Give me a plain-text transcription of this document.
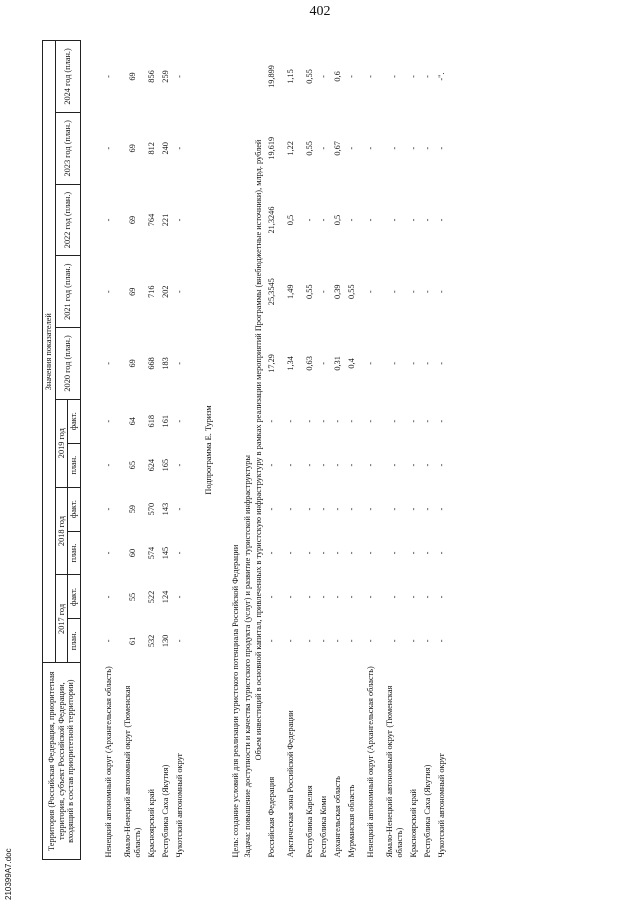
402
Территория (Российская Федерация, приоритетная территория, субъект Российской Федерации, входящий в состав приоритетной территории)	Значения показателей										
	2017 год		2018 год		2019 год		2020 год (план.)	2021 год (план.)	2022 год (план.)	2023 год (план.)	2024 год (план.)
	план.	факт.	план.	факт.	план.	факт.					

Ненецкий автономный округ (Архангельская область)	-	-	-	-	-	-	-	-	-	-	-
Ямало-Ненецкий автономный округ (Тюменская область)	61	55	60	59	65	64	69	69	69	69	69
Красноярский край	532	522	574	570	624	618	668	716	764	812	856
Республика Саха (Якутия)	130	124	145	143	165	161	183	202	221	240	259
Чукотский автономный округ	-	-	-	-	-	-	-	-	-	-	-

Подпрограмма Е. Туризм											

Цель: создание условий для реализации туристского потенциала Российской Федерации											
Задача: повышение доступности и качества туристского продукта (услуг) и развитие туристской инфраструктуры											
Объем инвестиций в основной капитал, привлеченных в туристскую инфраструктуру в рамках реализации мероприятий Программы (внебюджетные источники), млрд. рублей											
Российская Федерация	-	-	-	-	-	-	17,29	25,3545	21,3246	19,619	19,899
Арктическая зона Российской Федерации	-	-	-	-	-	-	1,34	1,49	0,5	1,22	1,15
Республика Карелия	-	-	-	-	-	-	0,63	0,55	-	0,55	0,55
Республика Коми	-	-	-	-	-	-	-	-	-	-	-
Архангельская область	-	-	-	-	-	-	0,31	0,39	0,5	0,67	0,6
Мурманская область	-	-	-	-	-	-	0,4	0,55	-	-	-
Ненецкий автономный округ (Архангельская область)	-	-	-	-	-	-	-	-	-	-	-
Ямало-Ненецкий автономный округ (Тюменская область)	-	-	-	-	-	-	-	-	-	-	-
Красноярский край	-	-	-	-	-	-	-	-	-	-	-
Республика Саха (Якутия)	-	-	-	-	-	-	-	-	-	-	-
Чукотский автономный округ	-	-	-	-	-	-	-	-	-	-	-".
210399A7.doc
